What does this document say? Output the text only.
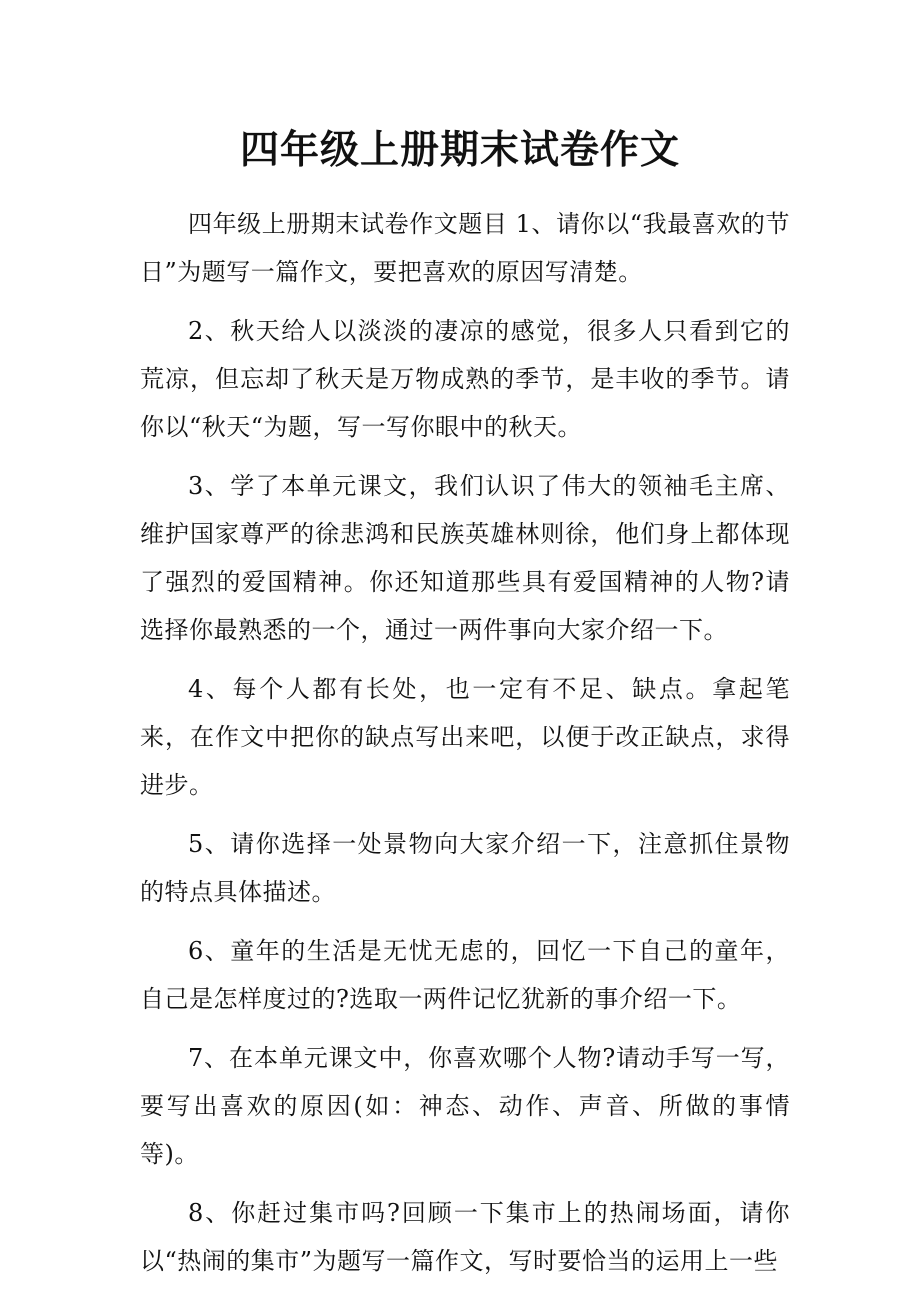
四年级上册期末试卷作文

四年级上册期末试卷作文题目 1、请你以“我最喜欢的节日”为题写一篇作文，要把喜欢的原因写清楚。

2、秋天给人以淡淡的凄凉的感觉，很多人只看到它的荒凉，但忘却了秋天是万物成熟的季节，是丰收的季节。请你以“秋天“为题，写一写你眼中的秋天。

3、学了本单元课文，我们认识了伟大的领袖毛主席、维护国家尊严的徐悲鸿和民族英雄林则徐，他们身上都体现了强烈的爱国精神。你还知道那些具有爱国精神的人物?请选择你最熟悉的一个，通过一两件事向大家介绍一下。

4、每个人都有长处，也一定有不足、缺点。拿起笔来，在作文中把你的缺点写出来吧，以便于改正缺点，求得进步。

5、请你选择一处景物向大家介绍一下，注意抓住景物的特点具体描述。

6、童年的生活是无忧无虑的，回忆一下自己的童年，自己是怎样度过的?选取一两件记忆犹新的事介绍一下。

7、在本单元课文中，你喜欢哪个人物?请动手写一写，要写出喜欢的原因(如：神态、动作、声音、所做的事情等)。

8、你赶过集市吗?回顾一下集市上的热闹场面，请你以“热闹的集市”为题写一篇作文，写时要恰当的运用上一些
